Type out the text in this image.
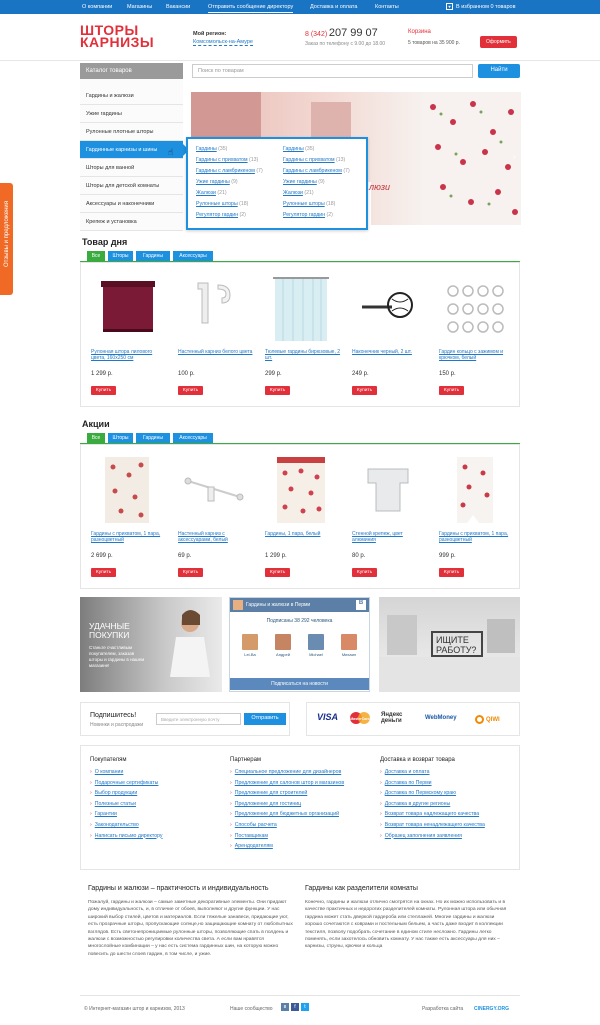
О компании	Магазины	Вакансии	Отправить сообщение директору	Доставка и оплата	Контакты	♥ В избранном 0 товаров
ШТОРЫ
КАРНИЗЫ	Мой регион:
Комсомольск-на-Амуре
8 (342) 207 99 07
Заказ по телефону с 9.00 до 18.00
Корзина
5 товаров на 35 900 р.	Оформить
Каталог товаров
Гардины и жалюзи
Ужие гардины
Рулонные плотные шторы
Гардинные карнизы и шины
Шторы для ванной
Шторы для детской комнаты
Аксессуары и наконечники
Крепеж и установка
Поиск по товарам	Найти
›
люзи
Гардины (35)
Гардины с прихватом (13)
Гардины с ламбрикеном (7)
Ужие гардины (9)
Жалюзи (21)
Рулонные шторы (18)
Регулятор гардин (2)
Гардины (35)
Гардины с прихватом (13)
Гардины с ламбрикеном (7)
Ужие гардины (9)
Жалюзи (21)
Рулонные шторы (18)
Регулятор гардин (2)
☝
Товар дня
Все	Шторы	Гардины	Аксессуары
Рулонная штора лилового цвета, 160х250 см
1 299 р.
Купить
Настенный карниз белого цвета
100 р.
Купить
Тюлевые гардины бирюзовые, 2 шт.
299 р.
Купить
Наконечник черный, 2 шт.
249 р.
Купить
Гардин кольцо с зажимом и крючком, белый
150 р.
Купить
Акции
Все	Шторы	Гардины	Аксессуары
Гардины с прихватом, 1 пара, разноцветный
2 699 р.
Купить
Настенный карниз с аксессуарами, белый
69 р.
Купить
Гардины, 1 пара, белый
1 299 р.
Купить
Стенной крепеж, цвет алюминия
80 р.
Купить
Гардины с прихватом, 1 пара, разноцветный
999 р.
Купить
УДАЧНЫЕ
ПОКУПКИ
Станьте счастливым покупателем, заказав шторы и гардины в нашем магазине!
Гардины и жалюзи в Перми	В
Подписаны 38 292 человека
Lei-Ba	Андрей	Michael	Михаил
Подписаться на новости
ИЩИТЕ
РАБОТУ?
Подпишитесь!
Новинки и распродажи
Введите электронную почту	Отправить	VISA	MasterCard
Яндекс деньги	WebMoney	QIWI
Покупателям
› О компании
› Подарочные сертификаты
› Выбор продукции
› Полезные статьи
› Гарантии
› Законодательство
› Написать письмо директору
Партнерам
› Специальное предложение для дизайнеров
› Предложение для салонов штор и магазинов
› Предложение для строителей
› Предложение для гостиниц
› Предложение для бюджетных организаций
› Способы расчета
› Поставщикам
› Арендодателям
Доставка и возврат товара
› Доставка и оплата
› Доставка по Перми
› Доставка по Пермскому краю
› Доставка в другие регионы
› Возврат товара надлежащего качества
› Возврат товара ненадлежащего качества
› Образец заполнения заявления
Гардины и жалюзи – практичность и индивидуальность
Пожалуй, гардины и жалюзи – самые заметные декоративные элементы. Они придают дому индивидуальность, и, в отличие от обоев, выполняют и другие функции. У нас широкий выбор стилей, цветов и материалов. Если тяжелые занавеси, придающие уют, есть прозрачные шторы, пропускающие солнце,но защищающие комнату от любопытных взглядов. Есть светонепроницаемые рулонные шторы, позволяющие спать в полдень и жалюзи с возможностью регулировки количества света. А если вам нравятся многослойные комбинации – у нас есть система гардинных шин, на которую можно повесить до шести слоев гардин, в том числе, и ужие.
Гардины как разделители комнаты
Конечно, гардины и жалюзи отлично смотрятся на окнах. Но их можно использовать и в качестве практичных и недорогих разделителей комнаты. Рулонная штора или обычная гардина может стать дверкой гардероба или стеллажей. Многие гардины и жалюзи хорошо сочетаются с коврами и постельным бельем, а часть даже входит в коллекции текстиля, позволу подобрать сочетание в едином стиле несложно. Гардины легко поменять, если захотелось обновить комнату. У нас также есть аксессуары для них – карнизы, струны, крючки и кольца
© Интернет-магазин штор и карнизов, 2013	Наше сообщество	в	f	t	Разработка сайта CINERGY.ORG
Отзывы и предложения
